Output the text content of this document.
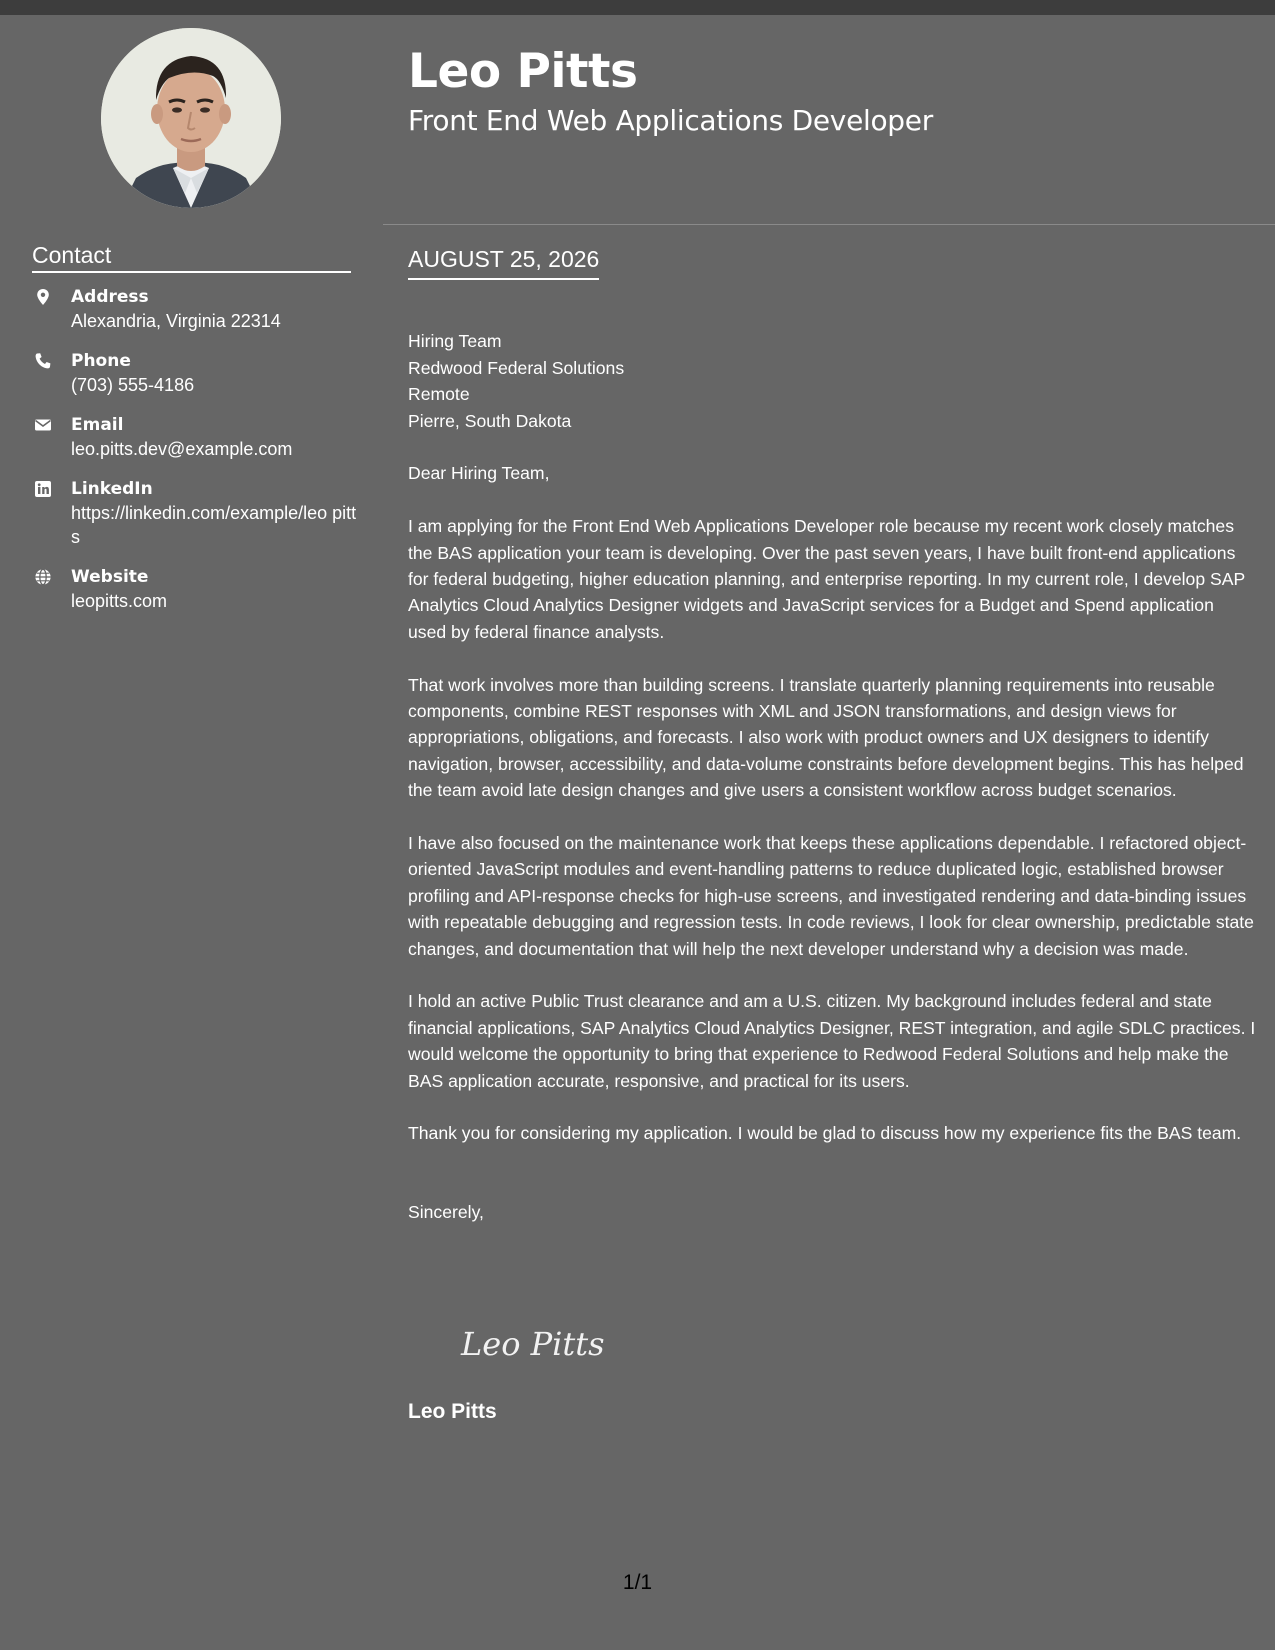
Contact
Address
Alexandria, Virginia 22314
Phone
(703) 555-4186
Email
leo.pitts.dev@example.com
LinkedIn
https://linkedin.com/example/leo pitts
Website
leopitts.com
Leo Pitts
Front End Web Applications Developer
AUGUST 25, 2026

Hiring Team
Redwood Federal Solutions
Remote
Pierre, South Dakota

Dear Hiring Team,

I am applying for the Front End Web Applications Developer role because my recent work closely matches the BAS application your team is developing. Over the past seven years, I have built front-end applications for federal budgeting, higher education planning, and enterprise reporting. In my current role, I develop SAP Analytics Cloud Analytics Designer widgets and JavaScript services for a Budget and Spend application used by federal finance analysts.

That work involves more than building screens. I translate quarterly planning requirements into reusable components, combine REST responses with XML and JSON transformations, and design views for appropriations, obligations, and forecasts. I also work with product owners and UX designers to identify navigation, browser, accessibility, and data-volume constraints before development begins. This has helped the team avoid late design changes and give users a consistent workflow across budget scenarios.

I have also focused on the maintenance work that keeps these applications dependable. I refactored object-oriented JavaScript modules and event-handling patterns to reduce duplicated logic, established browser profiling and API-response checks for high-use screens, and investigated rendering and data-binding issues with repeatable debugging and regression tests. In code reviews, I look for clear ownership, predictable state changes, and documentation that will help the next developer understand why a decision was made.

I hold an active Public Trust clearance and am a U.S. citizen. My background includes federal and state financial applications, SAP Analytics Cloud Analytics Designer, REST integration, and agile SDLC practices. I would welcome the opportunity to bring that experience to Redwood Federal Solutions and help make the BAS application accurate, responsive, and practical for its users.

Thank you for considering my application. I would be glad to discuss how my experience fits the BAS team.

Sincerely,

Leo Pitts
Leo Pitts
1/1
